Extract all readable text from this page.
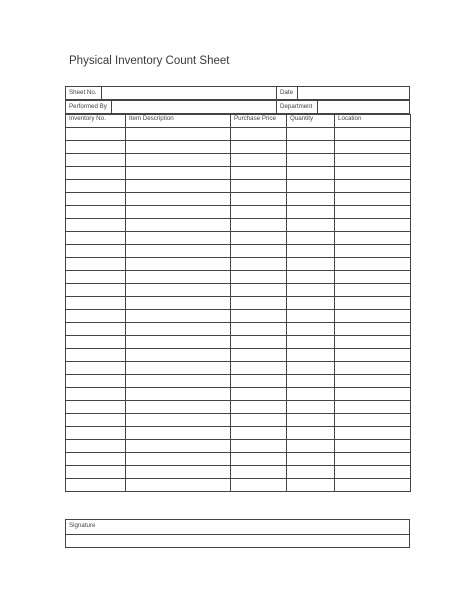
Physical Inventory Count Sheet
Sheet No.	Date
Performed By	Department
Inventory No.	Item Description	Purchase Price	Quantity	Location

Signature
